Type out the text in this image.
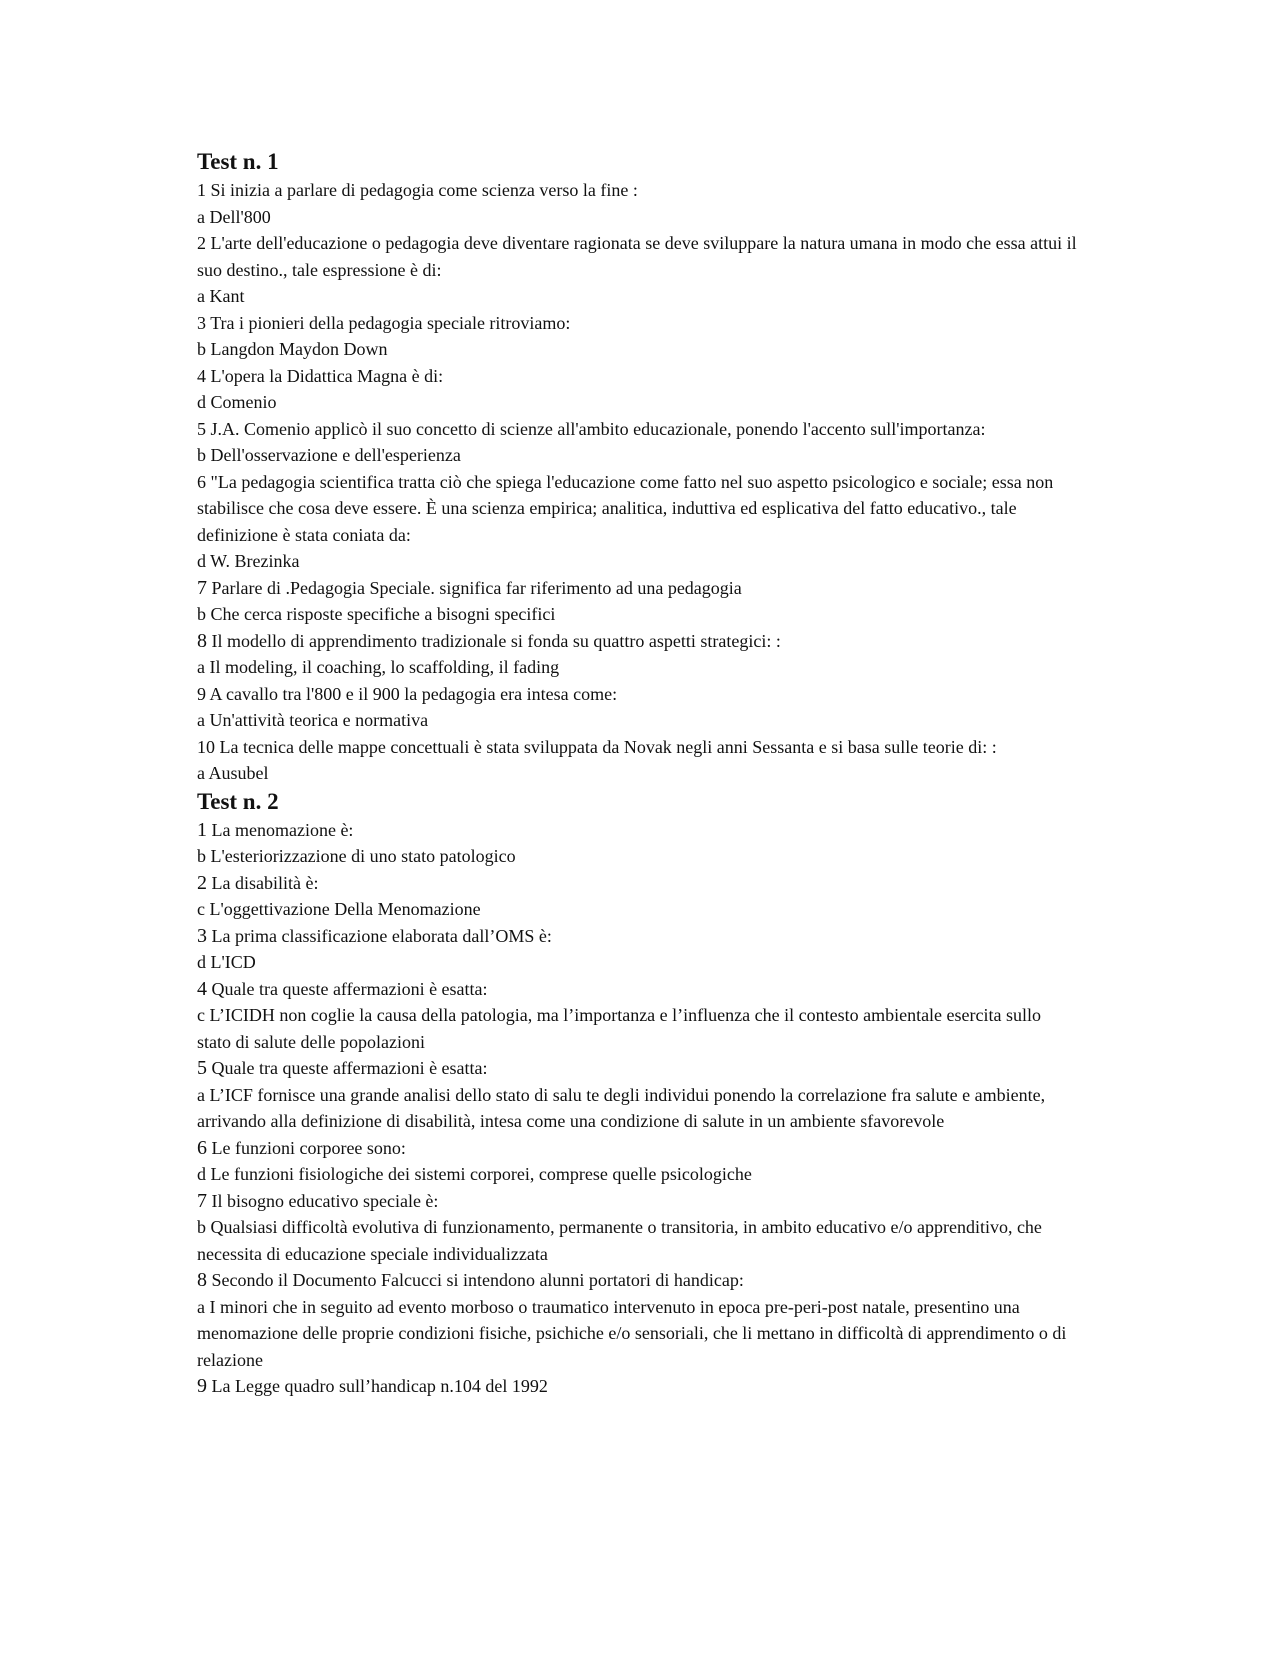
Test n. 1

1 Si inizia a parlare di pedagogia come scienza verso la fine :

a Dell'800

2 L'arte dell'educazione o pedagogia deve diventare ragionata se deve sviluppare la natura umana in modo che essa attui il suo destino., tale espressione è di:

a Kant

3 Tra i pionieri della pedagogia speciale ritroviamo:

b Langdon Maydon Down

4 L'opera la Didattica Magna è di:

d Comenio

5 J.A. Comenio applicò il suo concetto di scienze all'ambito educazionale, ponendo l'accento sull'importanza:

b Dell'osservazione e dell'esperienza

6 "La pedagogia scientifica tratta ciò che spiega l'educazione come fatto nel suo aspetto psicologico e sociale; essa non stabilisce che cosa deve essere. È una scienza empirica; analitica, induttiva ed esplicativa del fatto educativo., tale definizione è stata coniata da:

d W. Brezinka

7 Parlare di .Pedagogia Speciale. significa far riferimento ad una pedagogia

b Che cerca risposte specifiche a bisogni specifici

8 Il modello di apprendimento tradizionale si fonda su quattro aspetti strategici: :

a Il modeling, il coaching, lo scaffolding, il fading

9 A cavallo tra l'800 e il 900 la pedagogia era intesa come:

a Un'attività teorica e normativa

10 La tecnica delle mappe concettuali è stata sviluppata da Novak negli anni Sessanta e si basa sulle teorie di: :

a Ausubel

Test n. 2

1 La menomazione è:

b L'esteriorizzazione di uno stato patologico

2 La disabilità è:

c L'oggettivazione Della Menomazione

3 La prima classificazione elaborata dall’OMS è:

d L'ICD

4 Quale tra queste affermazioni è esatta:

c L’ICIDH non coglie la causa della patologia, ma l’importanza e l’influenza che il contesto ambientale esercita sullo stato di salute delle popolazioni

5 Quale tra queste affermazioni è esatta:

a L’ICF fornisce una grande analisi dello stato di salu te degli individui ponendo la correlazione fra salute e ambiente, arrivando alla definizione di disabilità, intesa come una condizione di salute in un ambiente sfavorevole

6 Le funzioni corporee sono:

d Le funzioni fisiologiche dei sistemi corporei, comprese quelle psicologiche

7 Il bisogno educativo speciale è:

b Qualsiasi difficoltà evolutiva di funzionamento, permanente o transitoria, in ambito educativo e/o apprenditivo, che necessita di educazione speciale individualizzata

8 Secondo il Documento Falcucci si intendono alunni portatori di handicap:

a I minori che in seguito ad evento morboso o traumatico intervenuto in epoca pre-peri-post natale, presentino una menomazione delle proprie condizioni fisiche, psichiche e/o sensoriali, che li mettano in difficoltà di apprendimento o di relazione

9 La Legge quadro sull’handicap n.104 del 1992
